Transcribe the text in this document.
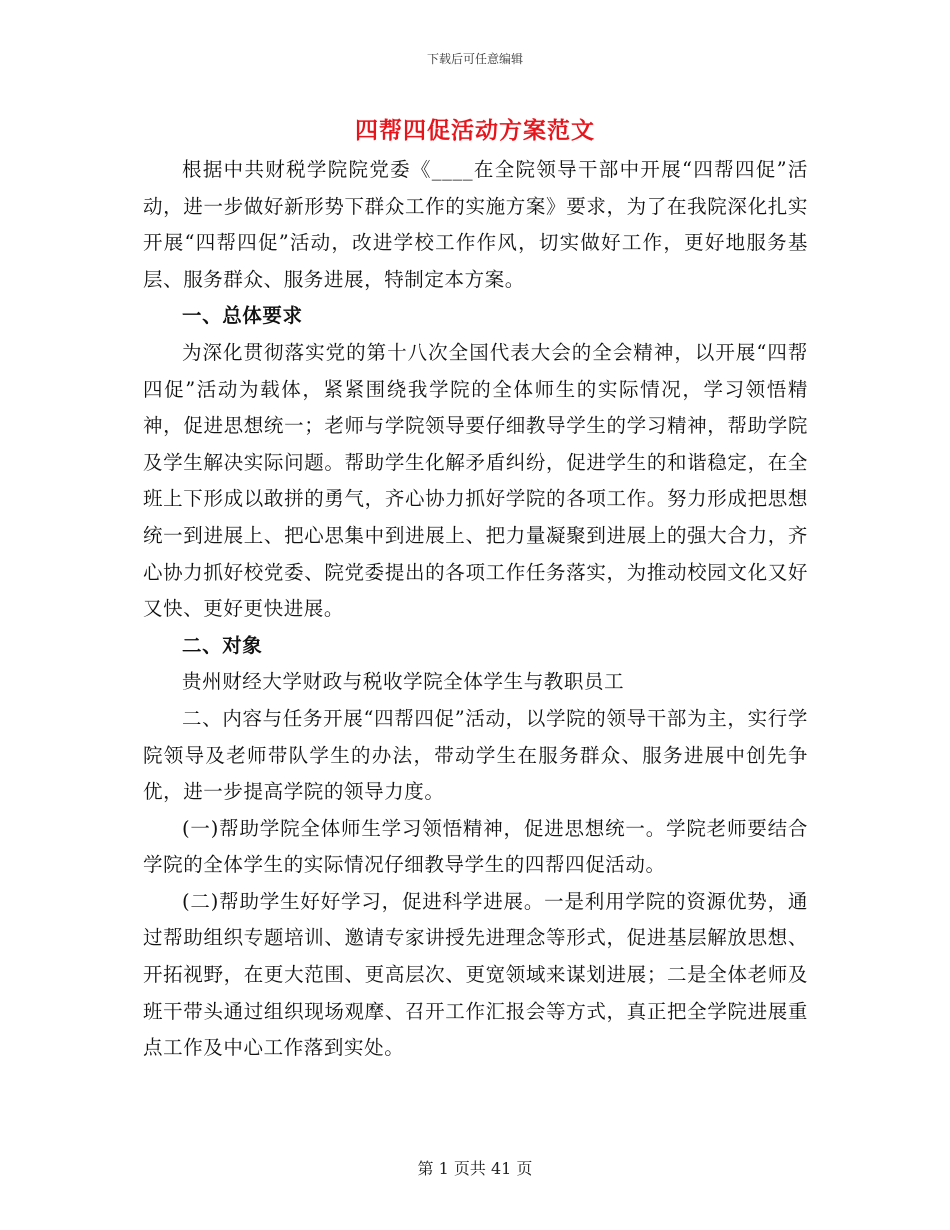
下载后可任意编辑
四帮四促活动方案范文

根据中共财税学院院党委《____在全院领导干部中开展“四帮四促”活动，进一步做好新形势下群众工作的实施方案》要求，为了在我院深化扎实开展“四帮四促”活动，改进学校工作作风，切实做好工作，更好地服务基层、服务群众、服务进展，特制定本方案。

一、总体要求

为深化贯彻落实党的第十八次全国代表大会的全会精神，以开展“四帮四促”活动为载体，紧紧围绕我学院的全体师生的实际情况，学习领悟精神，促进思想统一；老师与学院领导要仔细教导学生的学习精神，帮助学院及学生解决实际问题。帮助学生化解矛盾纠纷，促进学生的和谐稳定，在全班上下形成以敢拼的勇气，齐心协力抓好学院的各项工作。努力形成把思想统一到进展上、把心思集中到进展上、把力量凝聚到进展上的强大合力，齐心协力抓好校党委、院党委提出的各项工作任务落实，为推动校园文化又好又快、更好更快进展。

二、对象

贵州财经大学财政与税收学院全体学生与教职员工

二、内容与任务开展“四帮四促”活动，以学院的领导干部为主，实行学院领导及老师带队学生的办法，带动学生在服务群众、服务进展中创先争优，进一步提高学院的领导力度。

(一)帮助学院全体师生学习领悟精神，促进思想统一。学院老师要结合学院的全体学生的实际情况仔细教导学生的四帮四促活动。

(二)帮助学生好好学习，促进科学进展。一是利用学院的资源优势，通过帮助组织专题培训、邀请专家讲授先进理念等形式，促进基层解放思想、开拓视野，在更大范围、更高层次、更宽领域来谋划进展；二是全体老师及班干带头通过组织现场观摩、召开工作汇报会等方式，真正把全学院进展重点工作及中心工作落到实处。

第 1 页共 41 页
